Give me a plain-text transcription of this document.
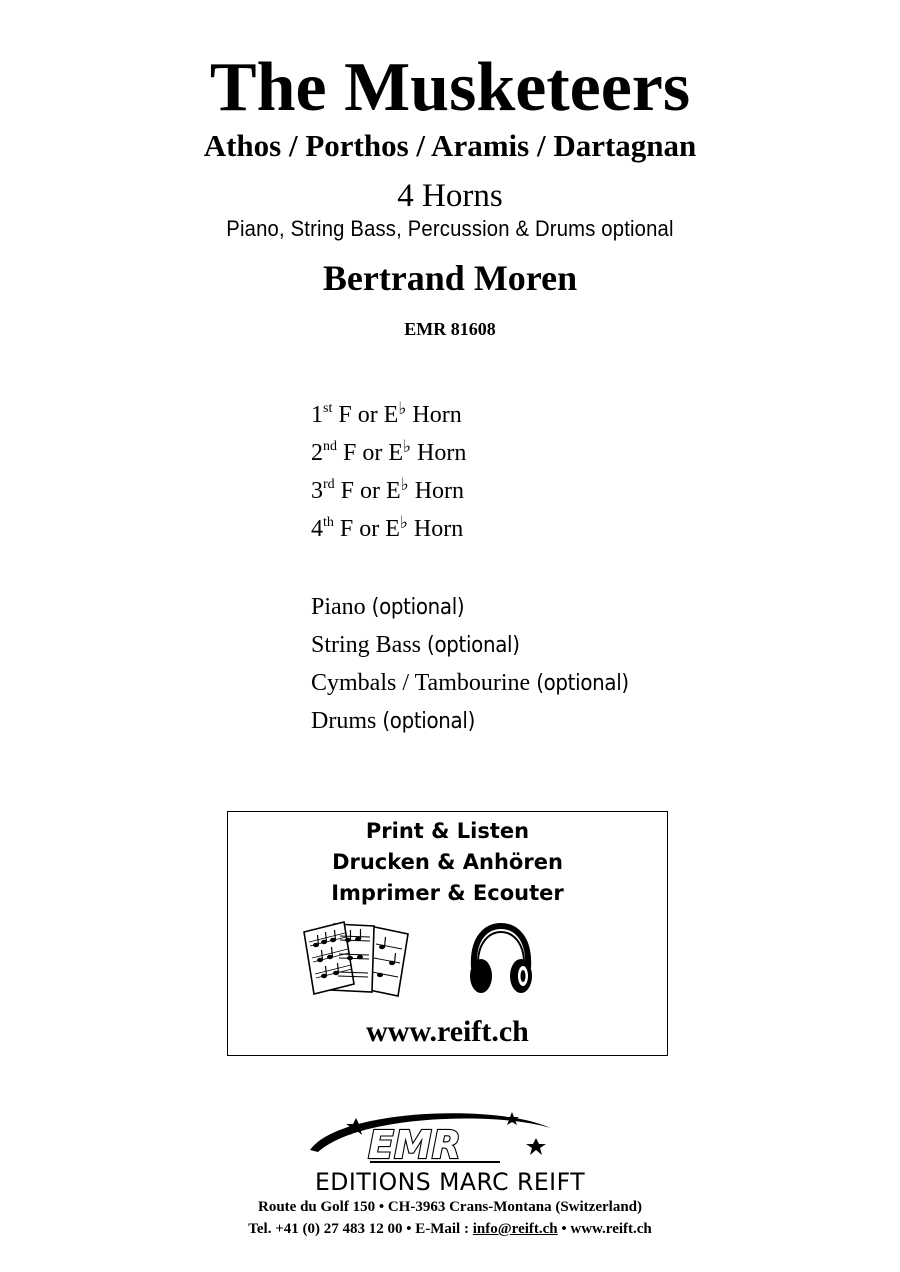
The Musketeers
Athos / Porthos / Aramis / Dartagnan
4 Horns
Piano, String Bass, Percussion & Drums optional
Bertrand Moren
EMR 81608
1st F or E♭ Horn
2nd F or E♭ Horn
3rd F or E♭ Horn
4th F or E♭ Horn
Piano (optional)
String Bass (optional)
Cymbals / Tambourine (optional)
Drums (optional)
Print & Listen
Drucken & Anhören
Imprimer & Ecouter
www.reift.ch
EMR
EDITIONS MARC REIFT
Route du Golf 150 • CH-3963 Crans-Montana (Switzerland)
Tel. +41 (0) 27 483 12 00 • E-Mail : info@reift.ch • www.reift.ch
